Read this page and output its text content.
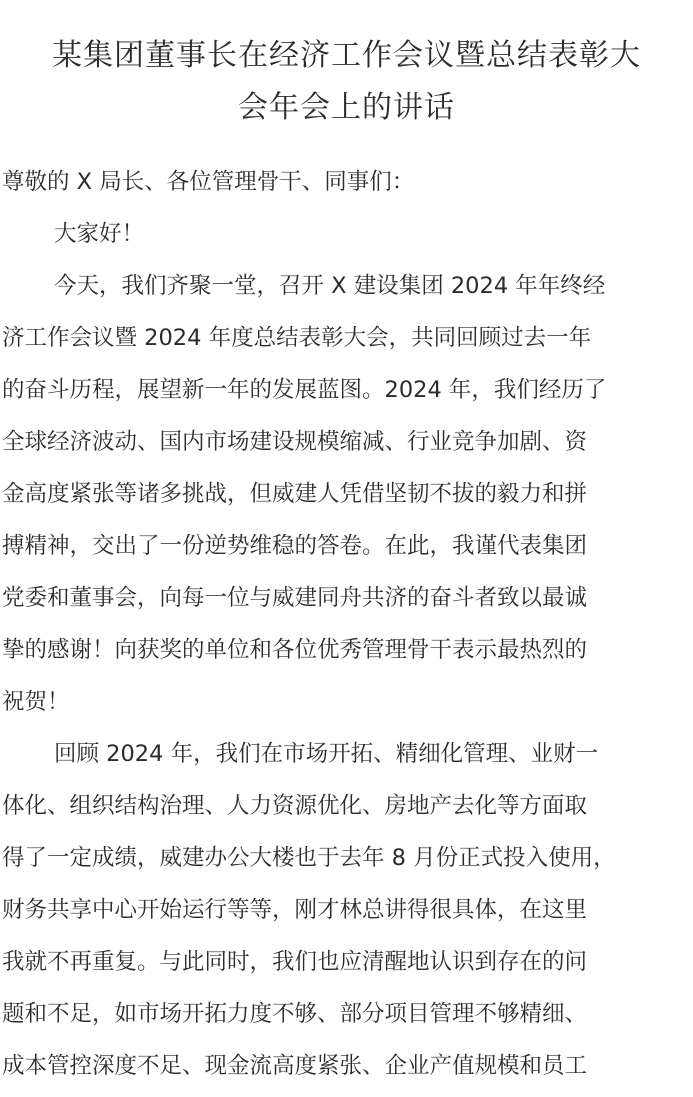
某集团董事长在经济工作会议暨总结表彰大
会年会上的讲话
尊敬的 X 局长、各位管理骨干、同事们：
大家好！
今天，我们齐聚一堂，召开 X 建设集团 2024 年年终经
济工作会议暨 2024 年度总结表彰大会，共同回顾过去一年
的奋斗历程，展望新一年的发展蓝图。2024 年，我们经历了
全球经济波动、国内市场建设规模缩减、行业竞争加剧、资
金高度紧张等诸多挑战，但威建人凭借坚韧不拔的毅力和拼
搏精神，交出了一份逆势维稳的答卷。在此，我谨代表集团
党委和董事会，向每一位与威建同舟共济的奋斗者致以最诚
挚的感谢！向获奖的单位和各位优秀管理骨干表示最热烈的
祝贺！
回顾 2024 年，我们在市场开拓、精细化管理、业财一
体化、组织结构治理、人力资源优化、房地产去化等方面取
得了一定成绩，威建办公大楼也于去年 8 月份正式投入使用，
财务共享中心开始运行等等，刚才林总讲得很具体，在这里
我就不再重复。与此同时，我们也应清醒地认识到存在的问
题和不足，如市场开拓力度不够、部分项目管理不够精细、
成本管控深度不足、现金流高度紧张、企业产值规模和员工
